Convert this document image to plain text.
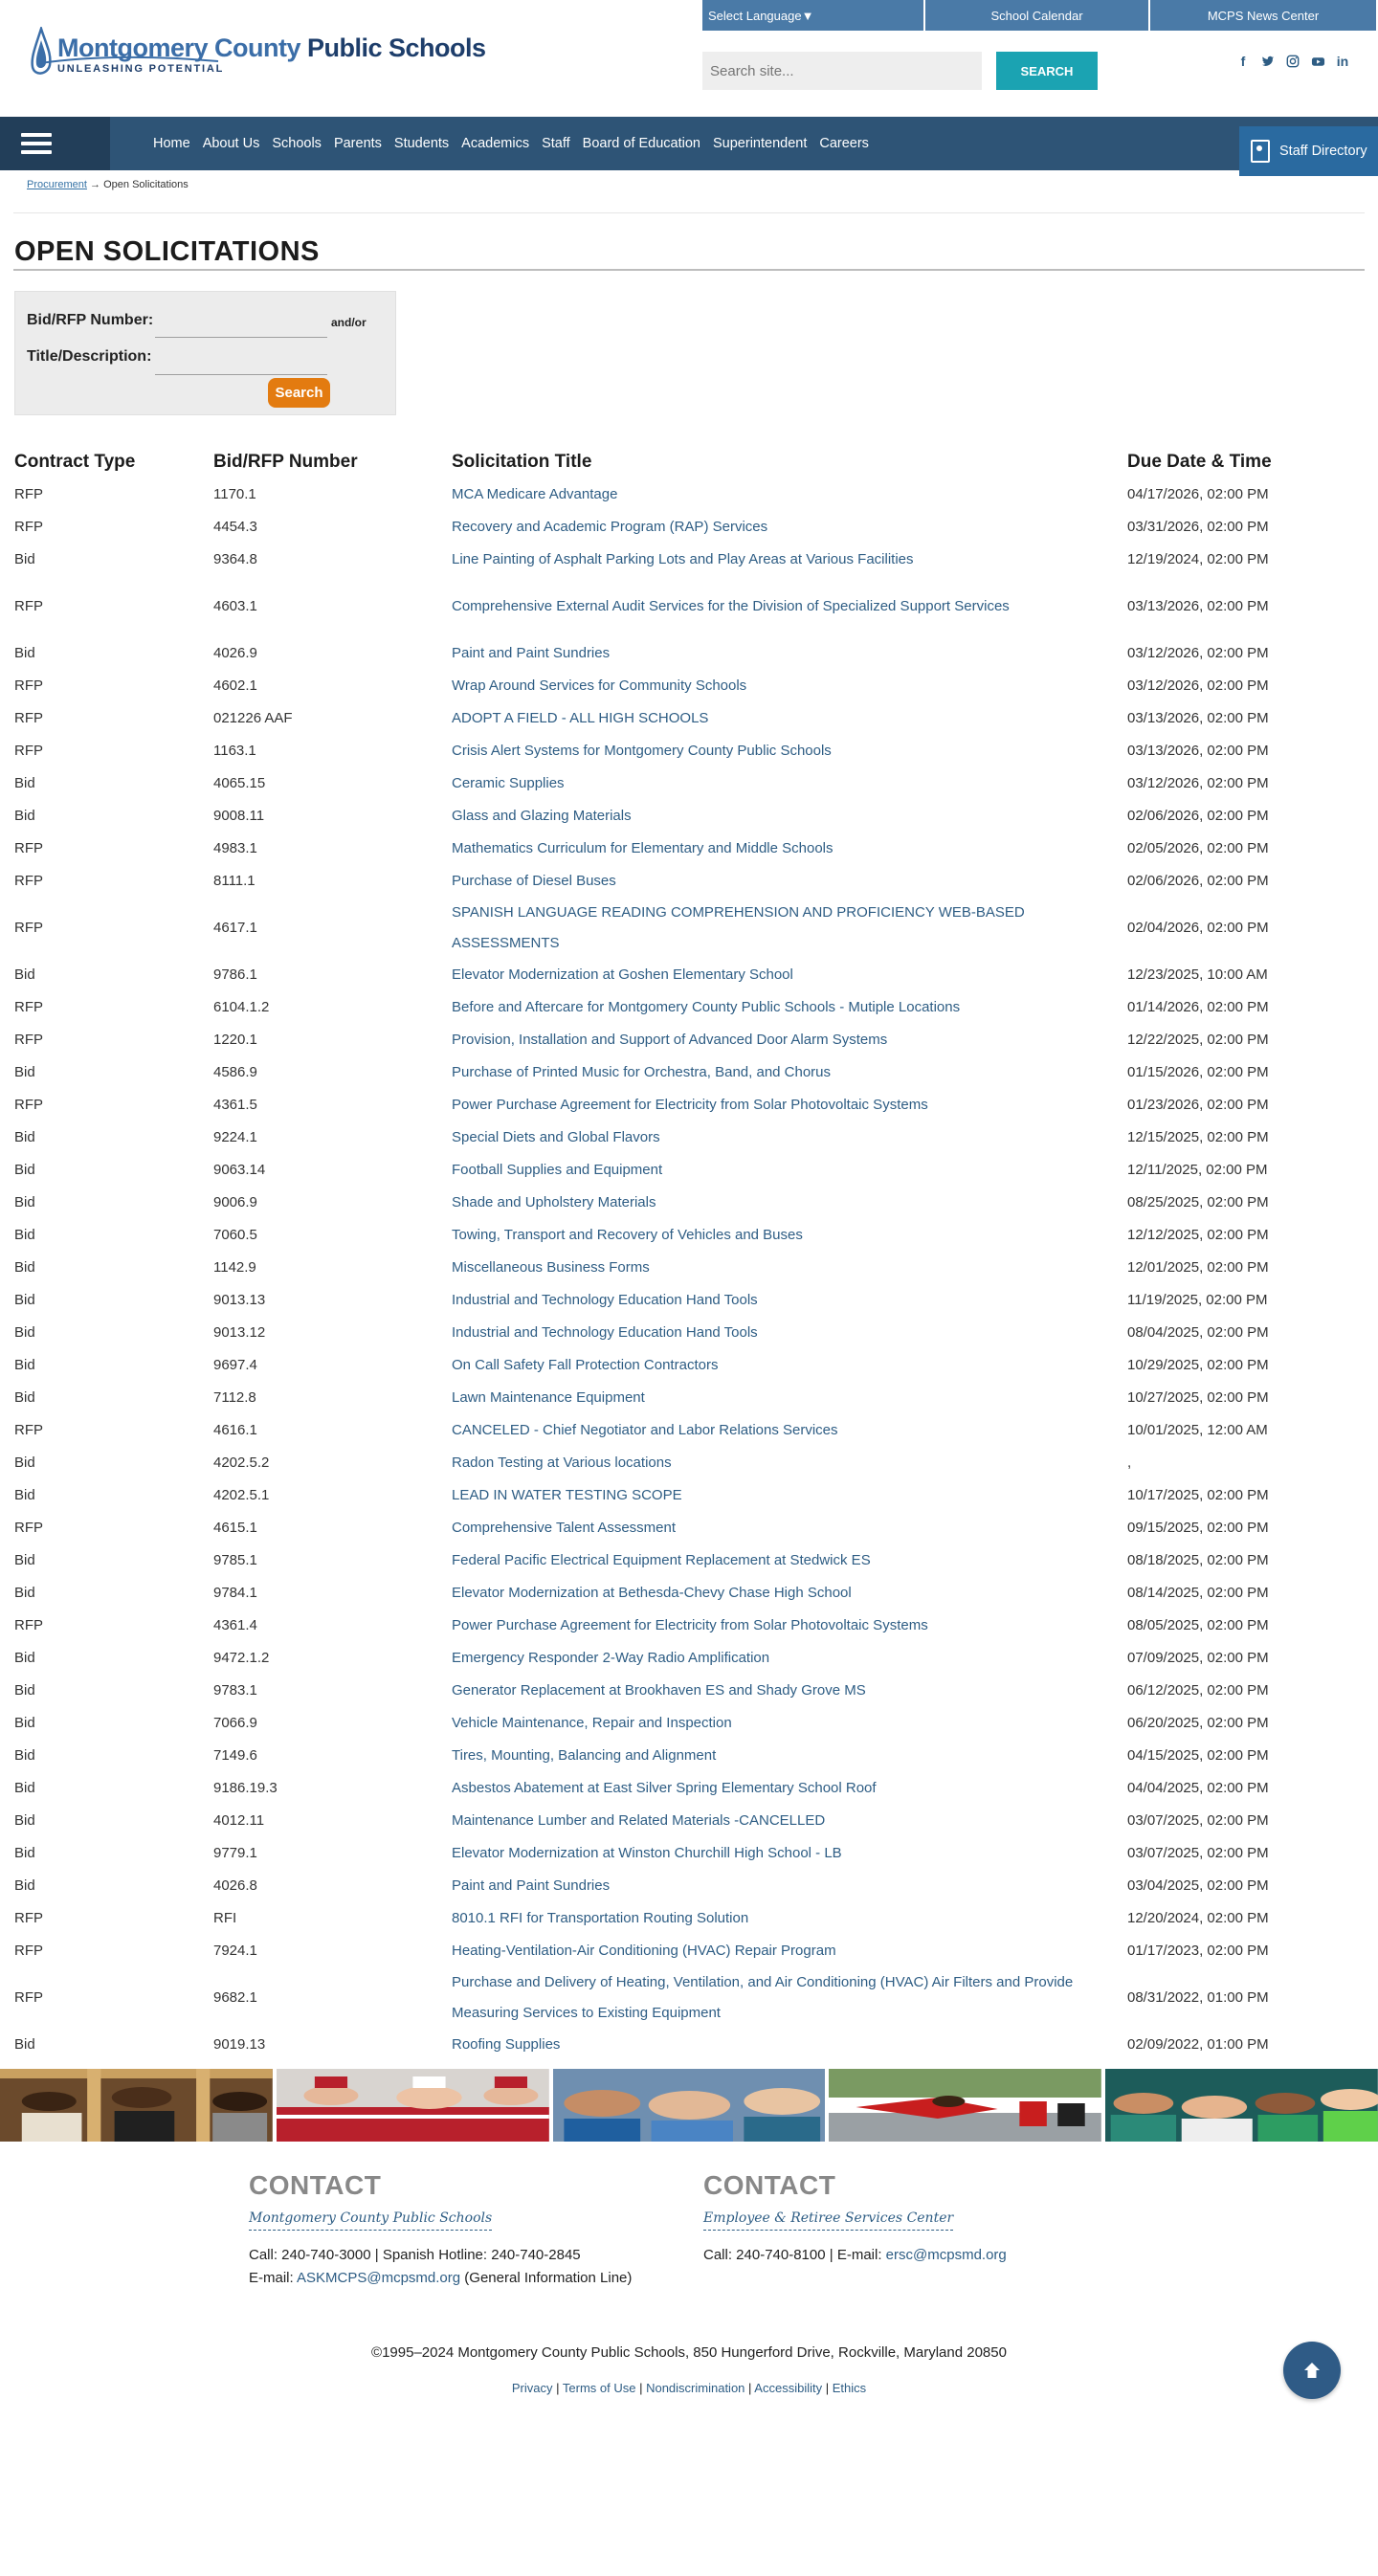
Montgomery County Public Schools
UNLEASHING POTENTIAL
Select Language▼	School Calendar	MCPS News Center
Search site...
SEARCH
f	in
Home About Us Schools Parents Students Academics Staff Board of Education Superintendent Careers	Staff Directory
Procurement → Open Solicitations
OPEN SOLICITATIONS
Bid/RFP Number:	and/or
Title/Description:
Search
Contract Type	Bid/RFP Number	Solicitation Title	Due Date & Time
RFP	1170.1	MCA Medicare Advantage	04/17/2026, 02:00 PM
RFP	4454.3	Recovery and Academic Program (RAP) Services	03/31/2026, 02:00 PM
Bid	9364.8	Line Painting of Asphalt Parking Lots and Play Areas at Various Facilities	12/19/2024, 02:00 PM
RFP	4603.1	Comprehensive External Audit Services for the Division of Specialized Support Services	03/13/2026, 02:00 PM
Bid	4026.9	Paint and Paint Sundries	03/12/2026, 02:00 PM
RFP	4602.1	Wrap Around Services for Community Schools	03/12/2026, 02:00 PM
RFP	021226 AAF	ADOPT A FIELD - ALL HIGH SCHOOLS	03/13/2026, 02:00 PM
RFP	1163.1	Crisis Alert Systems for Montgomery County Public Schools	03/13/2026, 02:00 PM
Bid	4065.15	Ceramic Supplies	03/12/2026, 02:00 PM
Bid	9008.11	Glass and Glazing Materials	02/06/2026, 02:00 PM
RFP	4983.1	Mathematics Curriculum for Elementary and Middle Schools	02/05/2026, 02:00 PM
RFP	8111.1	Purchase of Diesel Buses	02/06/2026, 02:00 PM
RFP	4617.1	SPANISH LANGUAGE READING COMPREHENSION AND PROFICIENCY WEB-BASED ASSESSMENTS	02/04/2026, 02:00 PM
Bid	9786.1	Elevator Modernization at Goshen Elementary School	12/23/2025, 10:00 AM
RFP	6104.1.2	Before and Aftercare for Montgomery County Public Schools - Mutiple Locations	01/14/2026, 02:00 PM
RFP	1220.1	Provision, Installation and Support of Advanced Door Alarm Systems	12/22/2025, 02:00 PM
Bid	4586.9	Purchase of Printed Music for Orchestra, Band, and Chorus	01/15/2026, 02:00 PM
RFP	4361.5	Power Purchase Agreement for Electricity from Solar Photovoltaic Systems	01/23/2026, 02:00 PM
Bid	9224.1	Special Diets and Global Flavors	12/15/2025, 02:00 PM
Bid	9063.14	Football Supplies and Equipment	12/11/2025, 02:00 PM
Bid	9006.9	Shade and Upholstery Materials	08/25/2025, 02:00 PM
Bid	7060.5	Towing, Transport and Recovery of Vehicles and Buses	12/12/2025, 02:00 PM
Bid	1142.9	Miscellaneous Business Forms	12/01/2025, 02:00 PM
Bid	9013.13	Industrial and Technology Education Hand Tools	11/19/2025, 02:00 PM
Bid	9013.12	Industrial and Technology Education Hand Tools	08/04/2025, 02:00 PM
Bid	9697.4	On Call Safety Fall Protection Contractors	10/29/2025, 02:00 PM
Bid	7112.8	Lawn Maintenance Equipment	10/27/2025, 02:00 PM
RFP	4616.1	CANCELED - Chief Negotiator and Labor Relations Services	10/01/2025, 12:00 AM
Bid	4202.5.2	Radon Testing at Various locations	,
Bid	4202.5.1	LEAD IN WATER TESTING SCOPE	10/17/2025, 02:00 PM
RFP	4615.1	Comprehensive Talent Assessment	09/15/2025, 02:00 PM
Bid	9785.1	Federal Pacific Electrical Equipment Replacement at Stedwick ES	08/18/2025, 02:00 PM
Bid	9784.1	Elevator Modernization at Bethesda-Chevy Chase High School	08/14/2025, 02:00 PM
RFP	4361.4	Power Purchase Agreement for Electricity from Solar Photovoltaic Systems	08/05/2025, 02:00 PM
Bid	9472.1.2	Emergency Responder 2-Way Radio Amplification	07/09/2025, 02:00 PM
Bid	9783.1	Generator Replacement at Brookhaven ES and Shady Grove MS	06/12/2025, 02:00 PM
Bid	7066.9	Vehicle Maintenance, Repair and Inspection	06/20/2025, 02:00 PM
Bid	7149.6	Tires, Mounting, Balancing and Alignment	04/15/2025, 02:00 PM
Bid	9186.19.3	Asbestos Abatement at East Silver Spring Elementary School Roof	04/04/2025, 02:00 PM
Bid	4012.11	Maintenance Lumber and Related Materials -CANCELLED	03/07/2025, 02:00 PM
Bid	9779.1	Elevator Modernization at Winston Churchill High School - LB	03/07/2025, 02:00 PM
Bid	4026.8	Paint and Paint Sundries	03/04/2025, 02:00 PM
RFP	RFI	8010.1 RFI for Transportation Routing Solution	12/20/2024, 02:00 PM
RFP	7924.1	Heating-Ventilation-Air Conditioning (HVAC) Repair Program	01/17/2023, 02:00 PM
RFP	9682.1	Purchase and Delivery of Heating, Ventilation, and Air Conditioning (HVAC) Air Filters and Provide Measuring Services to Existing Equipment	08/31/2022, 01:00 PM
Bid	9019.13	Roofing Supplies	02/09/2022, 01:00 PM
CONTACT
Montgomery County Public Schools

Call: 240-740-3000 | Spanish Hotline: 240-740-2845

E-mail: ASKMCPS@mcpsmd.org (General Information Line)

CONTACT
Employee & Retiree Services Center

Call: 240-740-8100 | E-mail: ersc@mcpsmd.org

©1995–2024 Montgomery County Public Schools, 850 Hungerford Drive, Rockville, Maryland 20850
Privacy | Terms of Use | Nondiscrimination | Accessibility | Ethics
